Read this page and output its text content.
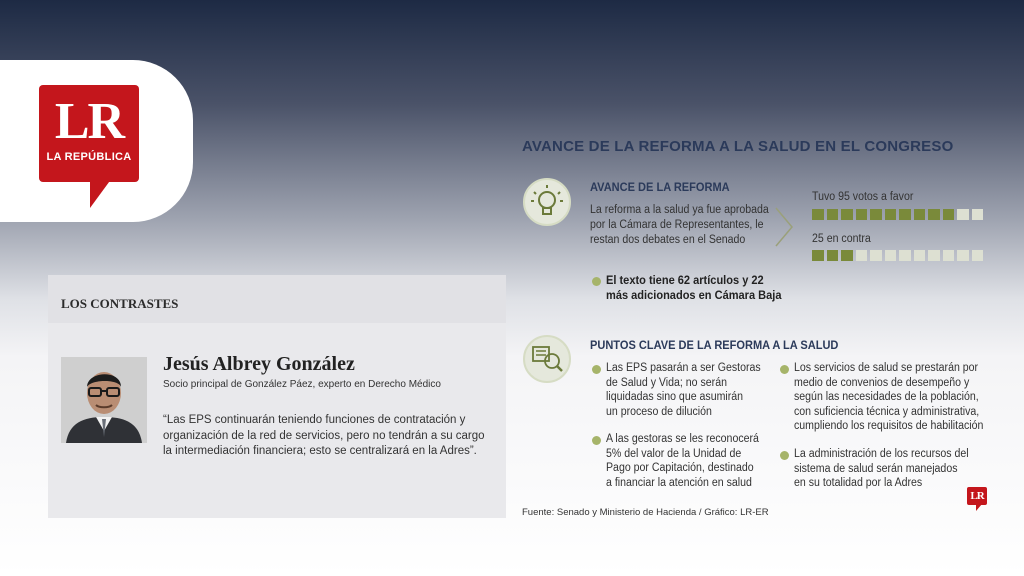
LR
LA REPÚBLICA
LOS CONTRASTES
Jesús Albrey González
Socio principal de González Páez, experto en Derecho Médico
“Las EPS continuarán teniendo funciones de contratación y organización de la red de servicios, pero no tendrán a su cargo la intermediación financiera; esto se centralizará en la Adres”.
AVANCE DE LA REFORMA A LA SALUD EN EL CONGRESO
AVANCE DE LA REFORMA
La reforma a la salud ya fue aprobada
por la Cámara de Representantes, le
restan dos debates en el Senado
Tuvo 95 votos a favor
25 en contra
El texto tiene 62 artículos y 22
más adicionados en Cámara Baja
PUNTOS CLAVE DE LA REFORMA A LA SALUD
Las EPS pasarán a ser Gestoras
de Salud y Vida; no serán
liquidadas sino que asumirán
un proceso de dilución
A las gestoras se les reconocerá
5% del valor de la Unidad de
Pago por Capitación, destinado
a financiar la atención en salud
Los servicios de salud se prestarán por
medio de convenios de desempeño y
según las necesidades de la población,
con suficiencia técnica y administrativa,
cumpliendo los requisitos de habilitación
La administración de los recursos del
sistema de salud serán manejados
en su totalidad por la Adres
Fuente: Senado y Ministerio de Hacienda / Gráfico: LR-ER
LR
